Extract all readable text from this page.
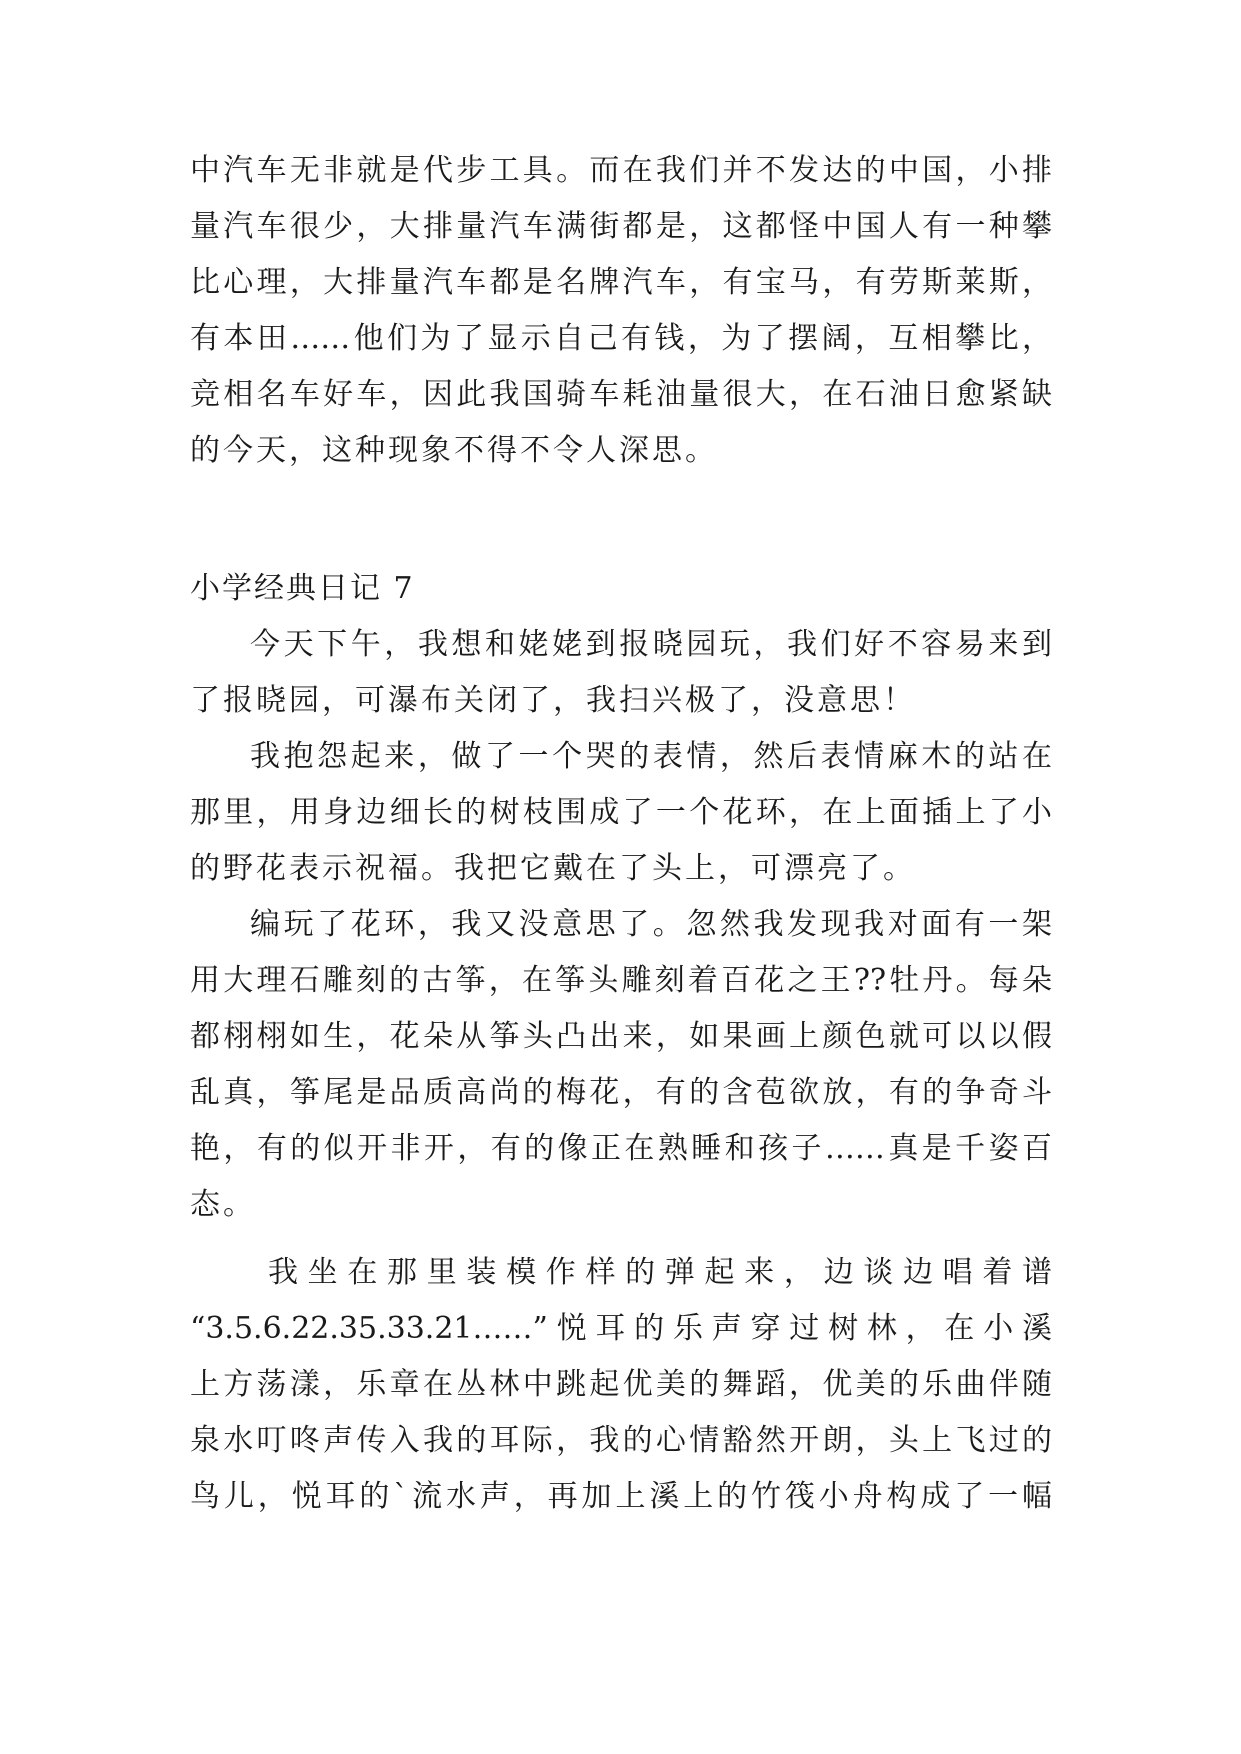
中汽车无非就是代步工具。而在我们并不发达的中国，小排
量汽车很少，大排量汽车满街都是，这都怪中国人有一种攀
比心理，大排量汽车都是名牌汽车，有宝马，有劳斯莱斯，
有本田……他们为了显示自己有钱，为了摆阔，互相攀比，
竞相名车好车，因此我国骑车耗油量很大，在石油日愈紧缺
的今天，这种现象不得不令人深思。
小学经典日记 7
今天下午，我想和姥姥到报晓园玩，我们好不容易来到
了报晓园，可瀑布关闭了，我扫兴极了，没意思！
我抱怨起来，做了一个哭的表情，然后表情麻木的站在
那里，用身边细长的树枝围成了一个花环，在上面插上了小
的野花表示祝福。我把它戴在了头上，可漂亮了。
编玩了花环，我又没意思了。忽然我发现我对面有一架
用大理石雕刻的古筝，在筝头雕刻着百花之王??牡丹。每朵
都栩栩如生，花朵从筝头凸出来，如果画上颜色就可以以假
乱真，筝尾是品质高尚的梅花，有的含苞欲放，有的争奇斗
艳，有的似开非开，有的像正在熟睡和孩子……真是千姿百
态。
我坐在那里装模作样的弹起来，边谈边唱着谱
“3.5.6.22.35.33.21……”悦耳的乐声穿过树林，在小溪
上方荡漾，乐章在丛林中跳起优美的舞蹈，优美的乐曲伴随
泉水叮咚声传入我的耳际，我的心情豁然开朗，头上飞过的
鸟儿，悦耳的`流水声，再加上溪上的竹筏小舟构成了一幅
